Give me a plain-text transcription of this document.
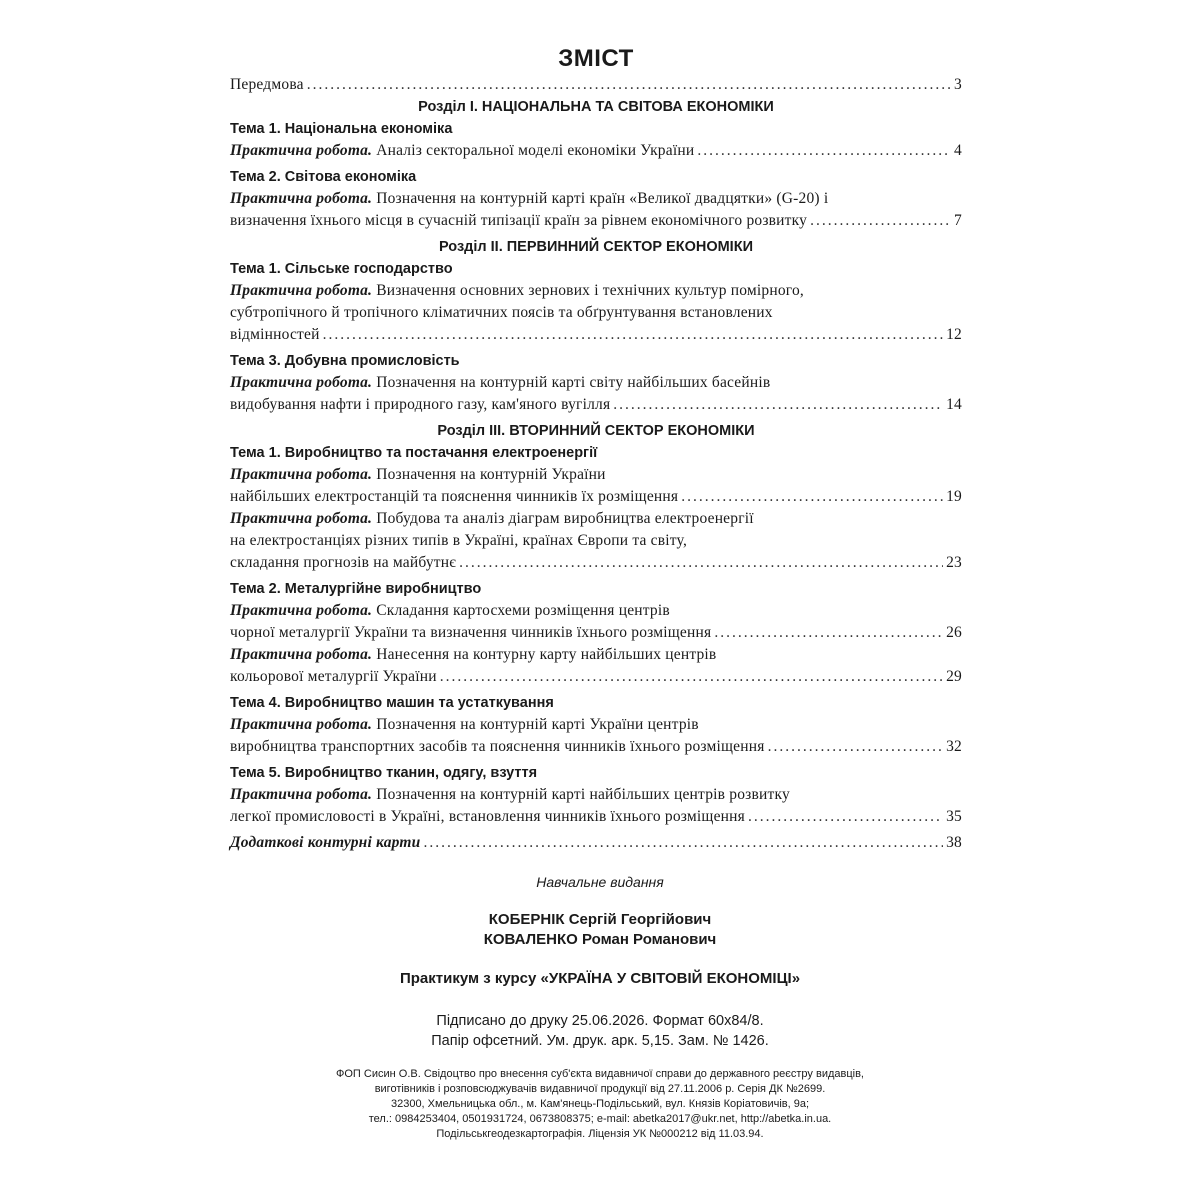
ЗМІСТ
Передмова .....	3
Розділ І. НАЦІОНАЛЬНА ТА СВІТОВА ЕКОНОМІКИ
Тема 1. Національна економіка
Практична робота. Аналіз секторальної моделі економіки України .....	4
Тема 2. Світова економіка
Практична робота. Позначення на контурній карті країн «Великої двадцятки» (G-20) і
визначення їхнього місця в сучасній типізації країн за рівнем економічного розвитку .....	7
Розділ ІІ. ПЕРВИННИЙ СЕКТОР ЕКОНОМІКИ
Тема 1. Сільське господарство
Практична робота. Визначення основних зернових і технічних культур помірного,
субтропічного й тропічного кліматичних поясів та обґрунтування встановлених
відмінностей .....	12
Тема 3. Добувна промисловість
Практична робота. Позначення на контурній карті світу найбільших басейнів
видобування нафти і природного газу, кам'яного вугілля .....	14
Розділ ІІІ. ВТОРИННИЙ СЕКТОР ЕКОНОМІКИ
Тема 1. Виробництво та постачання електроенергії
Практична робота. Позначення на контурній України
найбільших електростанцій та пояснення чинників їх розміщення .....	19
Практична робота. Побудова та аналіз діаграм виробництва електроенергії
на електростанціях різних типів в Україні, країнах Європи та світу,
складання прогнозів на майбутнє .....	23
Тема 2. Металургійне виробництво
Практична робота. Складання картосхеми розміщення центрів
чорної металургії України та визначення чинників їхнього розміщення .....	26
Практична робота. Нанесення на контурну карту найбільших центрів
кольорової металургії України .....	29
Тема 4. Виробництво машин та устаткування
Практична робота. Позначення на контурній карті України центрів
виробництва транспортних засобів та пояснення чинників їхнього розміщення .....	32
Тема 5. Виробництво тканин, одягу, взуття
Практична робота. Позначення на контурній карті найбільших центрів розвитку
легкої промисловості в Україні, встановлення чинників їхнього розміщення .....	35
Додаткові контурні карти .....	38
Навчальне видання
КОБЕРНІК Сергій Георгійович
КОВАЛЕНКО Роман Романович
Практикум з курсу «УКРАЇНА У СВІТОВІЙ ЕКОНОМІЦІ»
Підписано до друку 25.06.2026. Формат 60х84/8.
Папір офсетний. Ум. друк. арк. 5,15. Зам. № 1426.
ФОП Сисин О.В. Свідоцтво про внесення суб'єкта видавничої справи до державного реєстру видавців,
виготівників і розповсюджувачів видавничої продукції від 27.11.2006 р. Серія ДК №2699.
32300, Хмельницька обл., м. Кам'янець-Подільський, вул. Князів Коріатовичів, 9а;
тел.: 0984253404, 0501931724, 0673808375; e-mail: abetka2017@ukr.net, http://abetka.in.ua.
Подільськгеодезкартографія. Ліцензія УК №000212 від 11.03.94.
